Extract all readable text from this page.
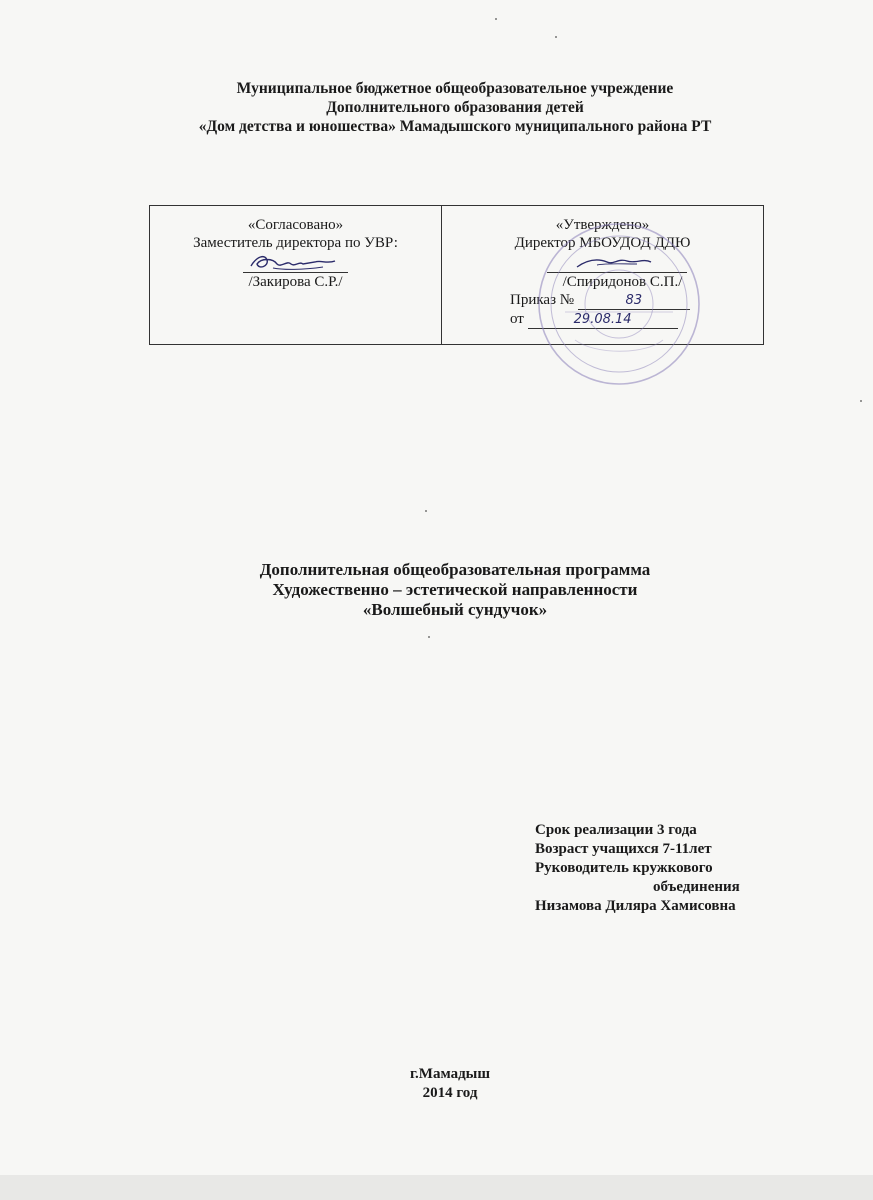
Муниципальное бюджетное общеобразовательное учреждение
Дополнительного образования детей
«Дом детства и юношества» Мамадышского муниципального района РТ
«Согласовано»
Заместитель директора по УВР:
/Закирова С.Р./
«Утверждено»
Директор МБОУДОД ДДЮ
/Спиридонов С.П./
Приказ №	83
от	29.08.14
Дополнительная общеобразовательная программа
Художественно – эстетической направленности
«Волшебный сундучок»
Срок реализации 3 года
Возраст учащихся 7-11лет
Руководитель кружкового
объединения
Низамова Диляра Хамисовна
г.Мамадыш
2014 год
